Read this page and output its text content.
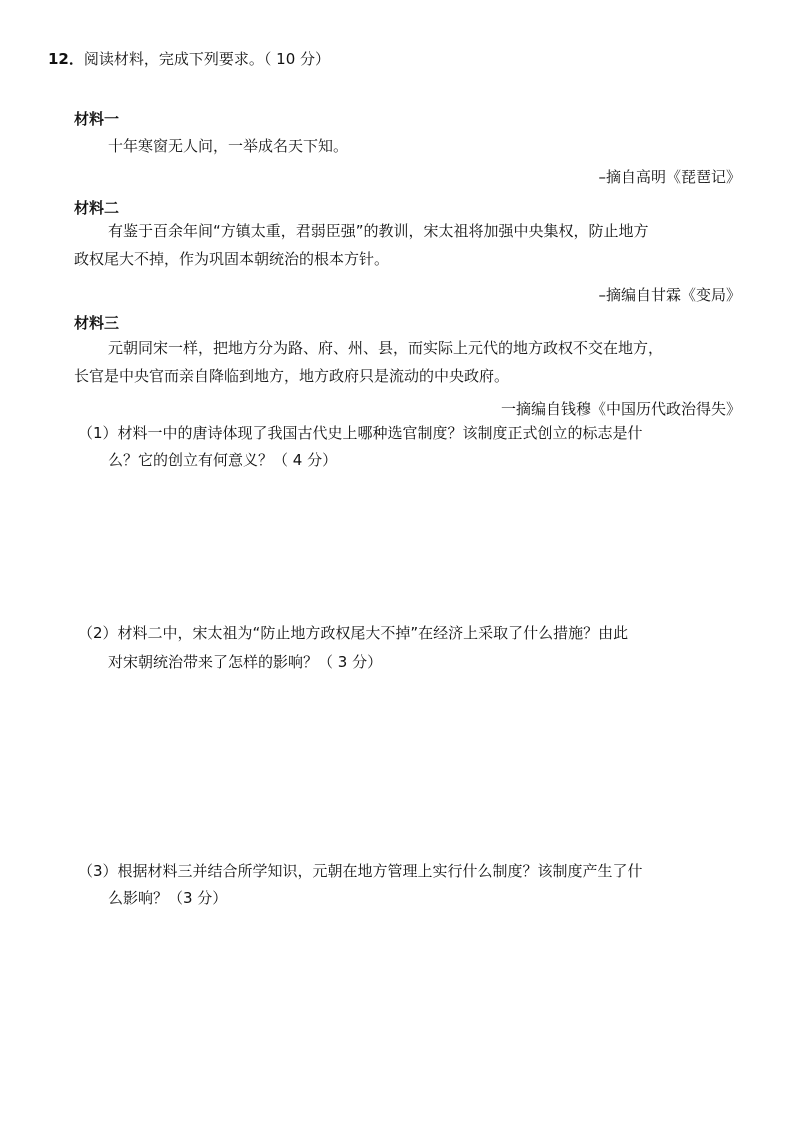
12．阅读材料，完成下列要求。（ 10 分）
材料一
十年寒窗无人问，一举成名天下知。
–摘自高明《琵琶记》
材料二
有鉴于百余年间“方镇太重，君弱臣强”的教训，宋太祖将加强中央集权，防止地方
政权尾大不掉，作为巩固本朝统治的根本方针。
–摘编自甘霖《变局》
材料三
元朝同宋一样，把地方分为路、府、州、县，而实际上元代的地方政权不交在地方，
长官是中央官而亲自降临到地方，地方政府只是流动的中央政府。
一摘编自钱穆《中国历代政治得失》
（1）材料一中的唐诗体现了我国古代史上哪种选官制度？该制度正式创立的标志是什
么？它的创立有何意义？（ 4 分）
（2）材料二中，宋太祖为“防止地方政权尾大不掉”在经济上采取了什么措施？由此
对宋朝统治带来了怎样的影响？（ 3 分）
（3）根据材料三并结合所学知识，元朝在地方管理上实行什么制度？该制度产生了什
么影响？（3 分）
